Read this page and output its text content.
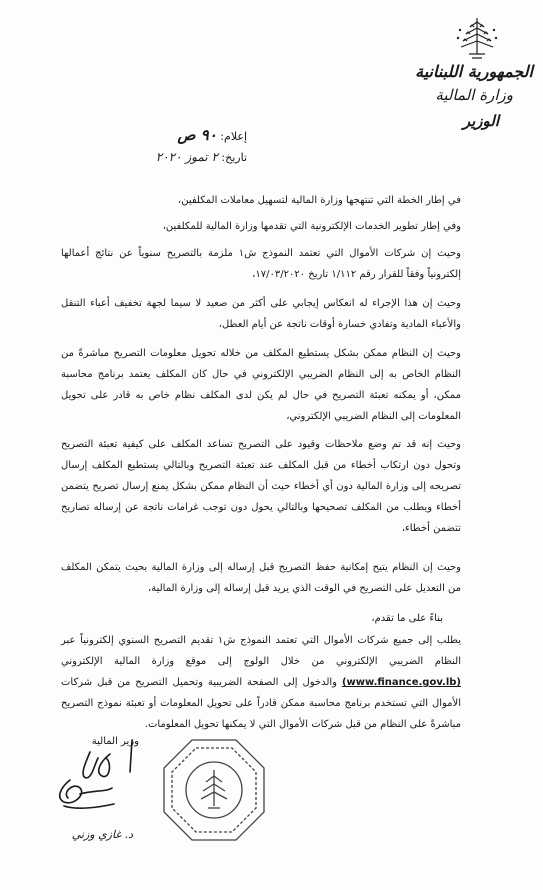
الجمهورية اللبنانية
وزارة المالية
الوزير
إعلام: ٩٠ ص
تاريخ: ٢ تموز ٢٠٢٠
في إطار الخطة التي تنتهجها وزارة المالية لتسهيل معاملات المكلفين،
وفي إطار تطوير الخدمات الإلكترونية التي تقدمها وزارة المالية للمكلفين،
وحيث إن شركات الأموال التي تعتمد النموذج ش١ ملزمة بالتصريح سنوياً عن نتائج أعمالها إلكترونياً وفقاً للقرار رقم ١/١١٢ تاريخ ١٧/٠٣/٢٠٢٠،
وحيث إن هذا الإجراء له انعكاس إيجابي على أكثر من صعيد لا سيما لجهة تخفيف أعباء التنقل والأعباء المادية وتفادي خسارة أوقات ناتجة عن أيام العطل،
وحيث إن النظام ممكن بشكل يستطيع المكلف من خلاله تحويل معلومات التصريح مباشرةً من النظام الخاص به إلى النظام الضريبي الإلكتروني في حال كان المكلف يعتمد برنامج محاسبة ممكن، أو يمكنه تعبئة التصريح في حال لم يكن لدى المكلف نظام خاص به قادر على تحويل المعلومات إلى النظام الضريبي الإلكتروني،
وحيث إنه قد تم وضع ملاحظات وقيود على التصريح تساعد المكلف على كيفية تعبئة التصريح وتحول دون ارتكاب أخطاء من قبل المكلف عند تعبئة التصريح وبالتالي يستطيع المكلف إرسال تصريحه إلى وزارة المالية دون أي أخطاء حيث أن النظام ممكن بشكل يمنع إرسال تصريح يتضمن أخطاء ويطلب من المكلف تصحيحها وبالتالي يحول دون توجب غرامات ناتجة عن إرساله تصاريح تتضمن أخطاء،
وحيث إن النظام يتيح إمكانية حفظ التصريح قبل إرساله إلى وزارة المالية بحيث يتمكن المكلف من التعديل على التصريح في الوقت الذي يريد قبل إرساله إلى وزارة المالية،
بناءً على ما تقدم،
يطلب إلى جميع شركات الأموال التي تعتمد النموذج ش١ تقديم التصريح السنوي إلكترونياً عبر النظام الضريبي الإلكتروني من خلال الولوج إلى موقع وزارة المالية الإلكتروني (www.finance.gov.lb) والدخول إلى الصفحة الضريبية وتحميل التصريح من قبل شركات الأموال التي تستخدم برنامج محاسبة ممكن قادراً على تحويل المعلومات أو تعبئة نموذج التصريح مباشرةً على النظام من قبل شركات الأموال التي لا يمكنها تحويل المعلومات.
وزير المالية
د. غازي وزني
